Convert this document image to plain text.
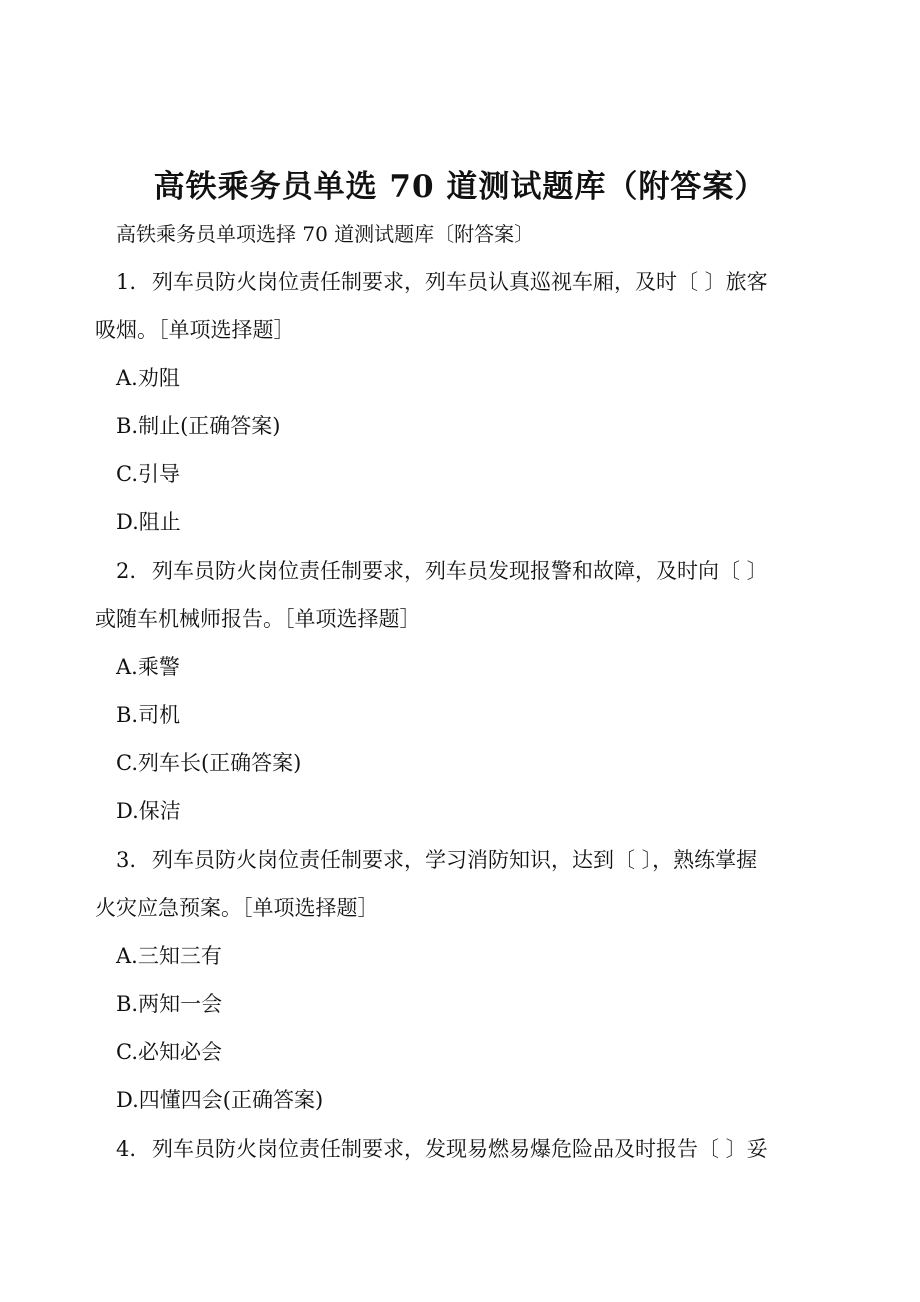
高铁乘务员单选 70 道测试题库（附答案）
高铁乘务员单项选择 70 道测试题库〔附答案〕
1. 列车员防火岗位责任制要求，列车员认真巡视车厢，及时〔 〕旅客
吸烟。［单项选择题］
A.劝阻
B.制止(正确答案)
C.引导
D.阻止
2. 列车员防火岗位责任制要求，列车员发现报警和故障，及时向〔 〕
或随车机械师报告。［单项选择题］
A.乘警
B.司机
C.列车长(正确答案)
D.保洁
3. 列车员防火岗位责任制要求，学习消防知识，达到〔 〕，熟练掌握
火灾应急预案。［单项选择题］
A.三知三有
B.两知一会
C.必知必会
D.四懂四会(正确答案)
4. 列车员防火岗位责任制要求，发现易燃易爆危险品及时报告〔 〕妥
